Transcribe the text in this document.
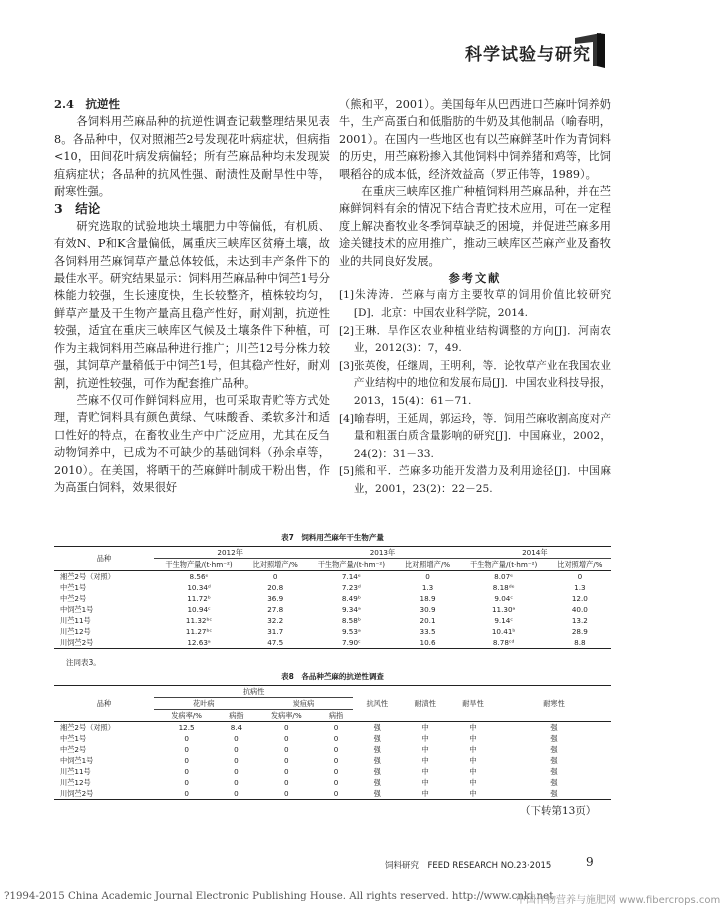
科学试验与研究

2.4　抗逆性

各饲料用苎麻品种的抗逆性调查记载整理结果见表8。各品种中，仅对照湘苎2号发现花叶病症状，但病指<10，田间花叶病发病偏轻；所有苎麻品种均未发现炭疽病症状；各品种的抗风性强、耐渍性及耐旱性中等，耐寒性强。

3　结论

研究选取的试验地块土壤肥力中等偏低，有机质、有效N、P和K含量偏低，属重庆三峡库区贫瘠土壤，故各饲料用苎麻饲草产量总体较低，未达到丰产条件下的最佳水平。研究结果显示：饲料用苎麻品种中饲苎1号分株能力较强，生长速度快，生长较整齐，植株较均匀，鲜草产量及干生物产量高且稳产性好，耐刈割，抗逆性较强，适宜在重庆三峡库区气候及土壤条件下种植，可作为主栽饲料用苎麻品种进行推广；川苎12号分株力较强，其饲草产量稍低于中饲苎1号，但其稳产性好，耐刈割，抗逆性较强，可作为配套推广品种。

苎麻不仅可作鲜饲料应用，也可采取青贮等方式处理，青贮饲料具有颜色黄绿、气味酸香、柔软多汁和适口性好的特点，在畜牧业生产中广泛应用，尤其在反刍动物饲养中，已成为不可缺少的基础饲料（孙余卓等，2010）。在美国，将晒干的苎麻鲜叶制成干粉出售，作为高蛋白饲料，效果很好

（熊和平，2001）。美国每年从巴西进口苎麻叶饲养奶牛，生产高蛋白和低脂肪的牛奶及其他制品（喻春明，2001）。在国内一些地区也有以苎麻鲜茎叶作为青饲料的历史，用苎麻粉掺入其他饲料中饲养猪和鸡等，比饲喂稻谷的成本低，经济效益高（罗正伟等，1989）。

在重庆三峡库区推广种植饲料用苎麻品种，并在苎麻鲜饲料有余的情况下结合青贮技术应用，可在一定程度上解决畜牧业冬季饲草缺乏的困境，并促进苎麻多用途关键技术的应用推广，推动三峡库区苎麻产业及畜牧业的共同良好发展。

参考文献

[1]朱涛涛．苎麻与南方主要牧草的饲用价值比较研究[D]．北京：中国农业科学院，2014.
[2]王琳．旱作区农业种植业结构调整的方向[J]．河南农业，2012(3)：7，49.
[3]张英俊，任继周，王明利，等．论牧草产业在我国农业产业结构中的地位和发展布局[J]．中国农业科技导报，2013，15(4)：61－71.
[4]喻春明，王延周，郭运玲，等．饲用苎麻收割高度对产量和粗蛋白质含量影响的研究[J]．中国麻业，2002，24(2)：31－33.
[5]熊和平．苎麻多功能开发潜力及利用途径[J]．中国麻业，2001，23(2)：22－25.
表7　饲料用苎麻年干生物产量
品种	2012年		2013年		2014年	
	干生物产量/(t·hm⁻²)	比对照增产/%	干生物产量/(t·hm⁻²)	比对照增产/%	干生物产量/(t·hm⁻²)	比对照增产/%
湘苎2号（对照）	8.56ᵉ	0	7.14ᵉ	0	8.07ᵉ	0
中苎1号	10.34ᵈ	20.8	7.23ᵈ	1.3	8.18ᵈᵉ	1.3
中苎2号	11.72ᵇ	36.9	8.49ᵇ	18.9	9.04ᶜ	12.0
中饲苎1号	10.94ᶜ	27.8	9.34ᵃ	30.9	11.30ᵃ	40.0
川苎11号	11.32ᵇᶜ	32.2	8.58ᵇ	20.1	9.14ᶜ	13.2
川苎12号	11.27ᵇᶜ	31.7	9.53ᵃ	33.5	10.41ᵇ	28.9
川饲苎2号	12.63ᵃ	47.5	7.90ᶜ	10.6	8.78ᶜᵈ	8.8
注同表3。
表8　各品种苎麻的抗逆性调查
品种	抗病性				抗风性	耐渍性	耐旱性	耐寒性
	花叶病		炭疽病					
	发病率/%	病指	发病率/%	病指				
湘苎2号（对照）	12.5	8.4	0	0	强	中	中	强
中苎1号	0	0	0	0	强	中	中	强
中苎2号	0	0	0	0	强	中	中	强
中饲苎1号	0	0	0	0	强	中	中	强
川苎11号	0	0	0	0	强	中	中	强
川苎12号	0	0	0	0	强	中	中	强
川饲苎2号	0	0	0	0	强	中	中	强
（下转第13页）
饲料研究　FEED RESEARCH NO.23·2015	9
?1994-2015 China Academic Journal Electronic Publishing House. All rights reserved. http://www.cnki.net
中国作物营养与施肥网 www.fibercrops.com
